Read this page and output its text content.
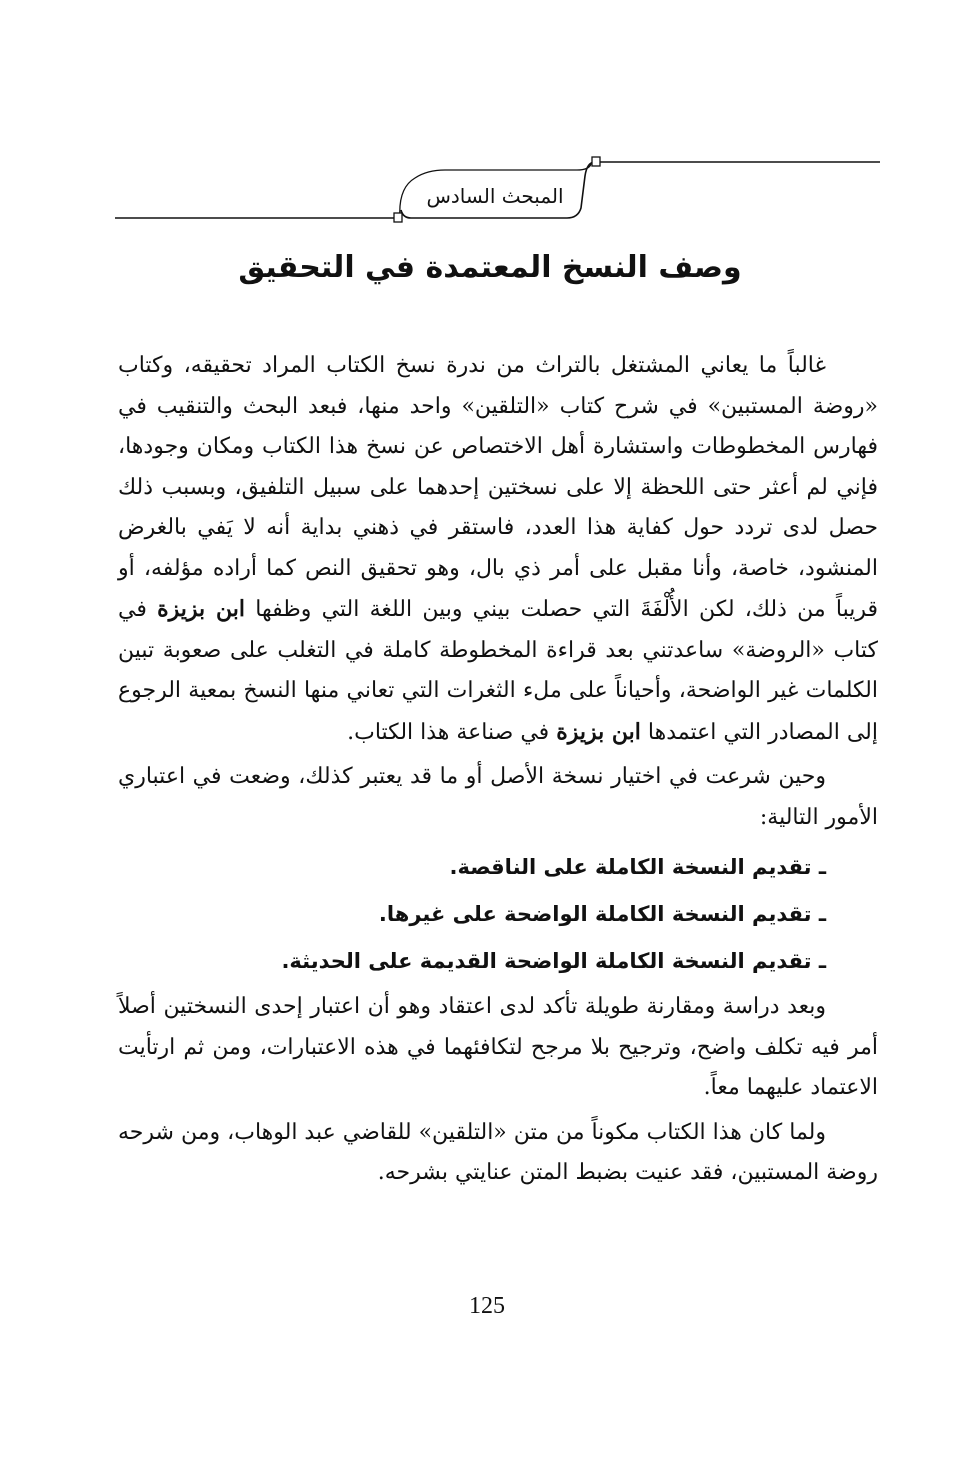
المبحث السادس
وصف النسخ المعتمدة في التحقيق

غالباً ما يعاني المشتغل بالتراث من ندرة نسخ الكتاب المراد تحقيقه، وكتاب «روضة المستبين» في شرح كتاب «التلقين» واحد منها، فبعد البحث والتنقيب في فهارس المخطوطات واستشارة أهل الاختصاص عن نسخ هذا الكتاب ومكان وجودها، فإني لم أعثر حتى اللحظة إلا على نسختين إحدهما على سبيل التلفيق، وبسبب ذلك حصل لدى تردد حول كفاية هذا العدد، فاستقر في ذهني بداية أنه لا يَفي بالغرض المنشود، خاصة، وأنا مقبل على أمر ذي بال، وهو تحقيق النص كما أراده مؤلفه، أو قريباً من ذلك، لكن الأُلْفَةَ التي حصلت بيني وبين اللغة التي وظفها ابن بزيزة في كتاب «الروضة» ساعدتني بعد قراءة المخطوطة كاملة في التغلب على صعوبة تبين الكلمات غير الواضحة، وأحياناً على ملء الثغرات التي تعاني منها النسخ بمعية الرجوع إلى المصادر التي اعتمدها ابن بزيزة في صناعة هذا الكتاب.

وحين شرعت في اختيار نسخة الأصل أو ما قد يعتبر كذلك، وضعت في اعتباري الأمور التالية:

ـ تقديم النسخة الكاملة على الناقصة.
ـ تقديم النسخة الكاملة الواضحة على غيرها.
ـ تقديم النسخة الكاملة الواضحة القديمة على الحديثة.

وبعد دراسة ومقارنة طويلة تأكد لدى اعتقاد وهو أن اعتبار إحدى النسختين أصلاً أمر فيه تكلف واضح، وترجيح بلا مرجح لتكافئهما في هذه الاعتبارات، ومن ثم ارتأيت الاعتماد عليهما معاً.

ولما كان هذا الكتاب مكوناً من متن «التلقين» للقاضي عبد الوهاب، ومن شرحه روضة المستبين، فقد عنيت بضبط المتن عنايتي بشرحه.

125
